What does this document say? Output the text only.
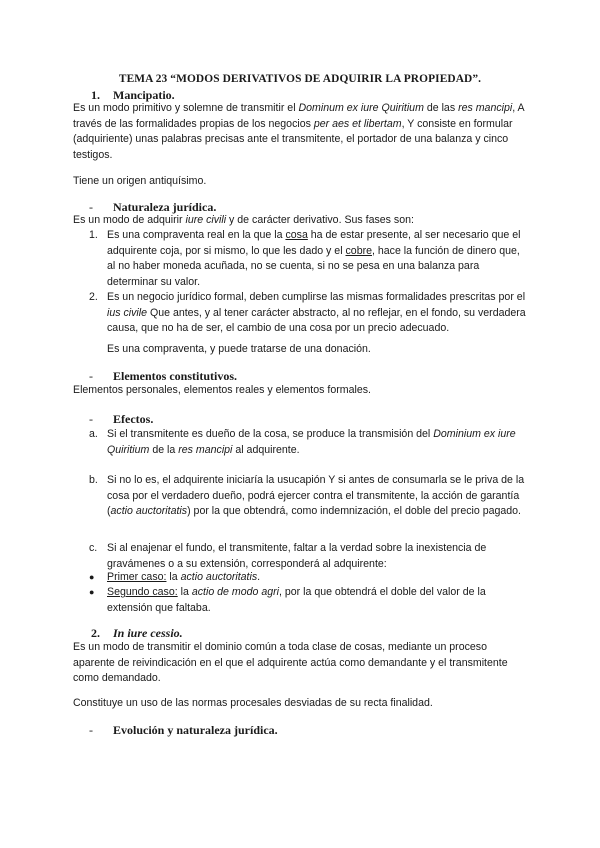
TEMA 23 “MODOS DERIVATIVOS DE ADQUIRIR LA PROPIEDAD”.
1. Mancipatio.
Es un modo primitivo y solemne de transmitir el Dominum ex iure Quiritium de las res mancipi, A través de las formalidades propias de los negocios per aes et libertam, Y consiste en formular (adquiriente) unas palabras precisas ante el transmitente, el portador de una balanza y cinco testigos.
Tiene un origen antiquísimo.
- Naturaleza jurídica.
Es un modo de adquirir iure civili y de carácter derivativo. Sus fases son:
1. Es una compraventa real en la que la cosa ha de estar presente, al ser necesario que el adquirente coja, por si mismo, lo que les dado y el cobre, hace la función de dinero que, al no haber moneda acuñada, no se cuenta, si no se pesa en una balanza para determinar su valor.
2. Es un negocio jurídico formal, deben cumplirse las mismas formalidades prescritas por el ius civile Que antes, y al tener carácter abstracto, al no reflejar, en el fondo, su verdadera causa, que no ha de ser, el cambio de una cosa por un precio adecuado.
Es una compraventa, y puede tratarse de una donación.
- Elementos constitutivos.
Elementos personales, elementos reales y elementos formales.
- Efectos.
a. Si el transmitente es dueño de la cosa, se produce la transmisión del Dominium ex iure Quiritium de la res mancipi al adquirente.
b. Si no lo es, el adquirente iniciaría la usucapión Y si antes de consumarla se le priva de la cosa por el verdadero dueño, podrá ejercer contra el transmitente, la acción de garantía (actio auctoritatis) por la que obtendrá, como indemnización, el doble del precio pagado.
c. Si al enajenar el fundo, el transmitente, faltar a la verdad sobre la inexistencia de gravámenes o a su extensión, corresponderá al adquirente:
● Primer caso: la actio auctoritatis.
● Segundo caso: la actio de modo agri, por la que obtendrá el doble del valor de la extensión que faltaba.
2. In iure cessio.
Es un modo de transmitir el dominio común a toda clase de cosas, mediante un proceso aparente de reivindicación en el que el adquirente actúa como demandante y el transmitente como demandado.
Constituye un uso de las normas procesales desviadas de su recta finalidad.
- Evolución y naturaleza jurídica.
